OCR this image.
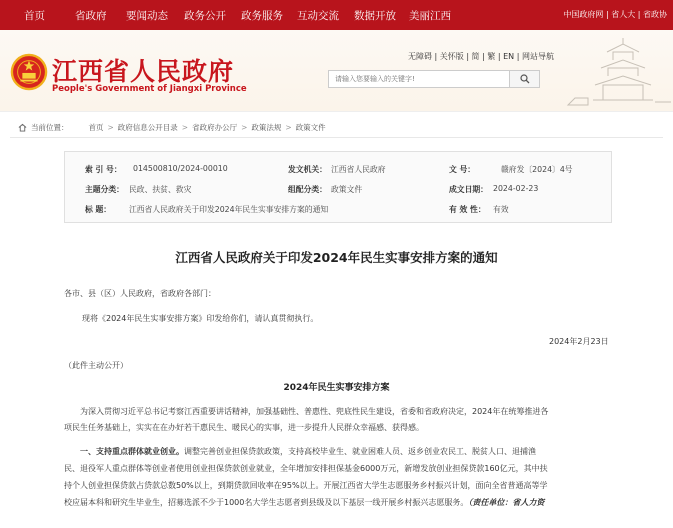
首页	省政府 要闻动态 政务公开 政务服务 互动交流 数据开放 美丽江西	中国政府网 | 省人大 | 省政协
江西省人民政府
People's Government of Jiangxi Province
无障碍 | 关怀版 | 简 | 繁 | EN | 网站导航
请输入您要输入的关键字!
当前位置：	首页 > 政府信息公开目录 > 省政府办公厅 > 政策法规 > 政策文件
索 引 号： 014500810/2024-00010	发文机关： 江西省人民政府	文 号：	赣府发〔2024〕4号
主题分类： 民政、扶贫、救灾	组配分类： 政策文件	成文日期： 2024-02-23
标 题： 江西省人民政府关于印发2024年民生实事安排方案的通知	有 效 性： 有效
江西省人民政府关于印发2024年民生实事安排方案的通知
各市、县（区）人民政府，省政府各部门：
现将《2024年民生实事安排方案》印发给你们，请认真贯彻执行。
2024年2月23日
（此件主动公开）
2024年民生实事安排方案
为深入贯彻习近平总书记考察江西重要讲话精神，加强基础性、普惠性、兜底性民生建设，省委和省政府决定，2024年在统筹推进各
项民生任务基础上，实实在在办好若干惠民生、暖民心的实事，进一步提升人民群众幸福感、获得感。
一、支持重点群体就业创业。调整完善创业担保贷款政策，支持高校毕业生、就业困难人员、返乡创业农民工、脱贫人口、退捕渔
民、退役军人重点群体等创业者使用创业担保贷款创业就业，全年增加安排担保基金6000万元，新增发放创业担保贷款160亿元，其中扶
持个人创业担保贷款占贷款总数50%以上，到期贷款回收率在95%以上。开展江西省大学生志愿服务乡村振兴计划，面向全省普通高等学
校应届本科和研究生毕业生，招募选派不少于1000名大学生志愿者到县级及以下基层一线开展乡村振兴志愿服务。（责任单位：省人力资
